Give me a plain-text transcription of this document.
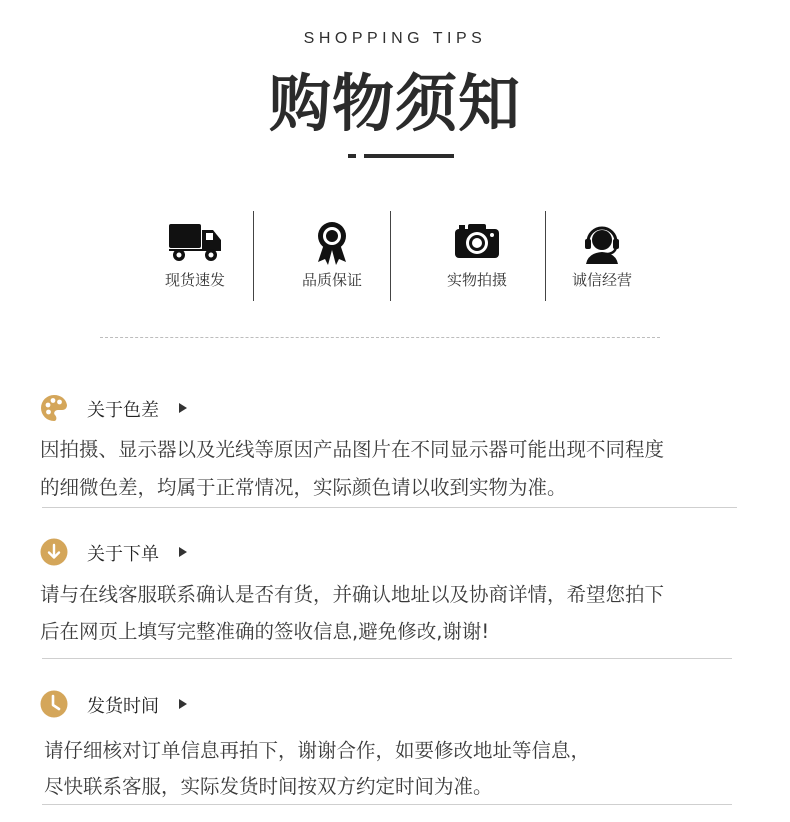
SHOPPING TIPS
购物须知
现货速发	品质保证	实物拍摄	诚信经营
关于色差
因拍摄、显示器以及光线等原因产品图片在不同显示器可能出现不同程度
的细微色差，均属于正常情况，实际颜色请以收到实物为准。
关于下单
请与在线客服联系确认是否有货，并确认地址以及协商详情，希望您拍下
后在网页上填写完整准确的签收信息,避免修改,谢谢!
发货时间
请仔细核对订单信息再拍下，谢谢合作，如要修改地址等信息，
尽快联系客服，实际发货时间按双方约定时间为准。
